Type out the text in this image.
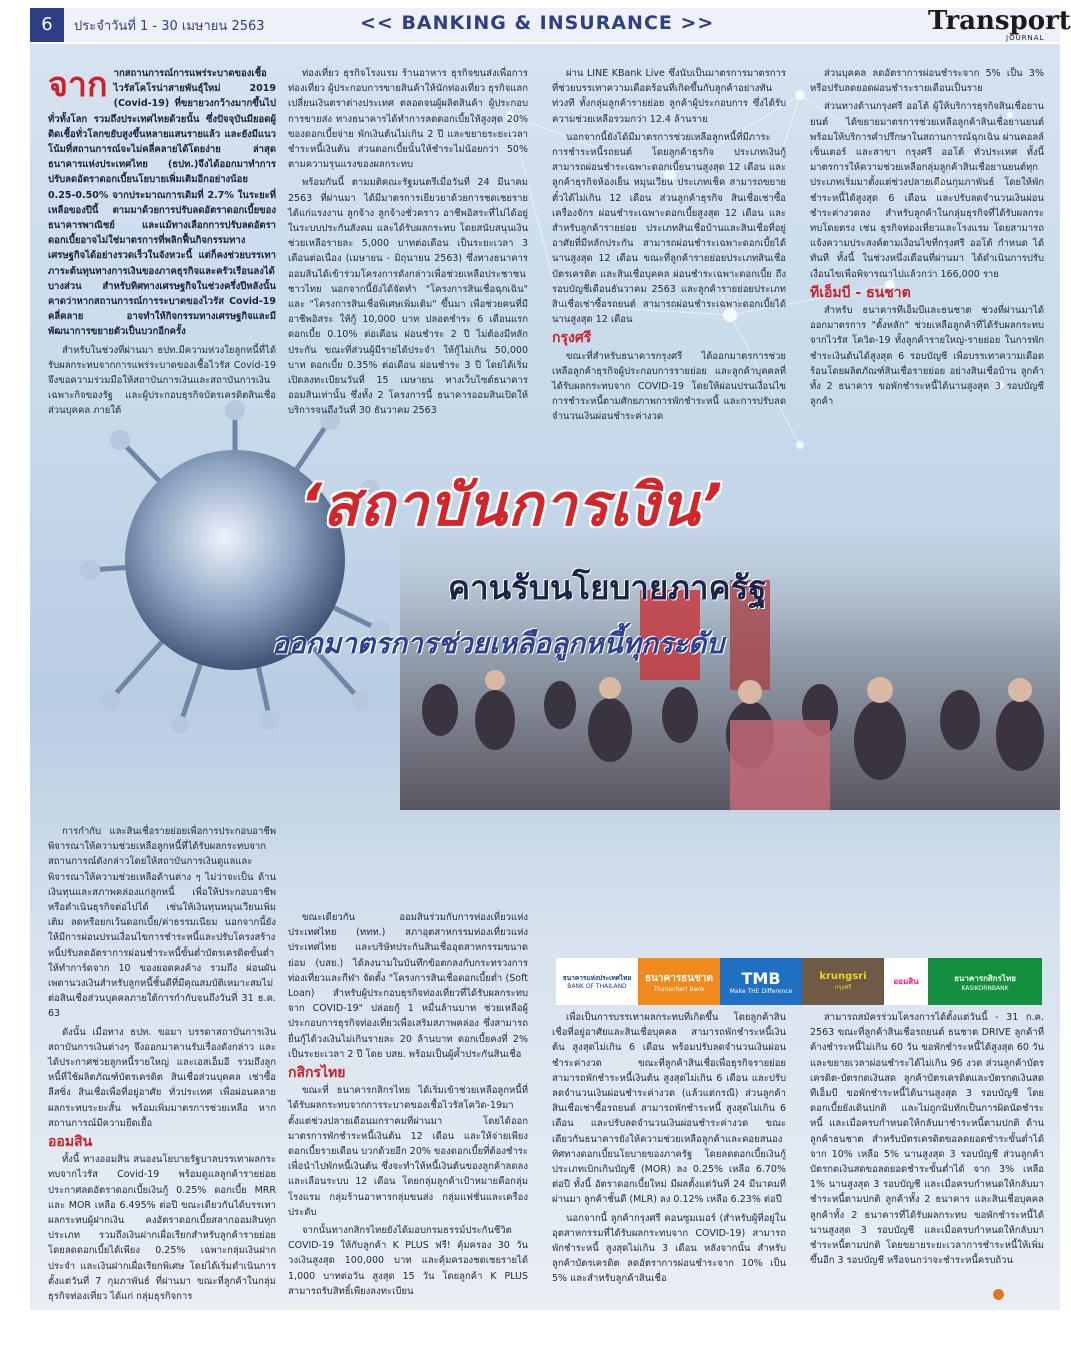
6	ประจำวันที่ 1 - 30 เมษายน 2563	<< BANKING & INSURANCE >>	Transport
JOURNAL
จาก ากสถานการณ์การแพร่ระบาดของเชื้อไวรัสโคโรน่าสายพันธุ์ใหม่ 2019 (Covid-19) ที่ขยายวงกว้างมากขึ้นไปทั่วทั้งโลก รวมถึงประเทศไทยด้วยนั้น ซึ่งปัจจุบันมียอดผู้ติดเชื้อทั่วโลกขยับสูงขึ้นหลายแสนรายแล้ว และยังมีแนวโน้มที่สถานการณ์จะไม่คลี่คลายได้โดยง่าย ล่าสุดธนาคารแห่งประเทศไทย (ธปท.)จึงได้ออกมาทำการปรับลดอัตราดอกเบี้ยนโยบายเพิ่มเติมอีกอย่างน้อย 0.25-0.50% จากประมาณการเดิมที่ 2.7% ในระยะที่เหลือของปีนี้ ตามมาด้วยการปรับลดอัตราดอกเบี้ยของธนาคารพาณิชย์ และแม้ทางเลือกการปรับลดอัตราดอกเบี้ยอาจไม่ใช่มาตรการที่พลิกฟื้นกิจกรรมทางเศรษฐกิจได้อย่างรวดเร็วในจังหวะนี้ แต่ก็คงช่วยบรรเทาภาระต้นทุนทางการเงินของภาคธุรกิจและครัวเรือนลงได้บางส่วน สำหรับทิศทางเศรษฐกิจในช่วงครึ่งปีหลังนั้น คาดว่าหากสถานการณ์การระบาดของไวรัส Covid-19 คลี่คลาย อาจทำให้กิจกรรมทางเศรษฐกิจและมีพัฒนาการขยายตัวเป็นบวกอีกครั้ง

สำหรับในช่วงที่ผ่านมา ธปท.มีความห่วงใยลูกหนี้ที่ได้รับผลกระทบจากการแพร่ระบาดของเชื้อไวรัส Covid-19 จึงขอความร่วมมือให้สถาบันการเงินและสถาบันการเงินเฉพาะกิจของรัฐ และผู้ประกอบธุรกิจบัตรเครดิตสินเชื่อส่วนบุคคล ภายใต้

ท่องเที่ยว ธุรกิจโรงแรม ร้านอาหาร ธุรกิจขนส่งเพื่อการท่องเที่ยว ผู้ประกอบการขายสินค้าให้นักท่องเที่ยว ธุรกิจแลกเปลี่ยนเงินตราต่างประเทศ ตลอดจนผู้ผลิตสินค้า ผู้ประกอบการขายส่ง ทางธนาคารได้ทำการลดดอกเบี้ยให้สูงสุด 20% ของดอกเบี้ยจ่าย พักเงินต้นไม่เกิน 2 ปี และขยายระยะเวลาชำระหนี้เงินต้น ส่วนดอกเบี้ยนั้นให้ชำระไม่น้อยกว่า 50% ตามความรุนแรงของผลกระทบ

พร้อมกันนี้ ตามมติคณะรัฐมนตรีเมื่อวันที่ 24 มีนาคม 2563 ที่ผ่านมา ได้มีมาตรการเยียวยาด้วยการชดเชยรายได้แก่แรงงาน ลูกจ้าง ลูกจ้างชั่วคราว อาชีพอิสระที่ไม่ได้อยู่ในระบบประกันสังคม และได้รับผลกระทบ โดยสนับสนุนเงินช่วยเหลือรายละ 5,000 บาทต่อเดือน เป็นระยะเวลา 3 เดือนต่อเนื่อง (เมษายน - มิถุนายน 2563) ซึ่งทางธนาคารออมสินได้เข้าร่วมโครงการดังกล่าวเพื่อช่วยเหลือประชาชนชาวไทย นอกจากนี้ยังได้จัดทำ "โครงการสินเชื่อฉุกเฉิน" และ "โครงการสินเชื่อพิเศษเพิ่มเติม" ขึ้นมา เพื่อช่วยคนที่มีอาชีพอิสระ ให้กู้ 10,000 บาท ปลอดชำระ 6 เดือนแรก ดอกเบี้ย 0.10% ต่อเดือน ผ่อนชำระ 2 ปี ไม่ต้องมีหลักประกัน ขณะที่ส่วนผู้มีรายได้ประจำ ให้กู้ไม่เกิน 50,000 บาท ดอกเบี้ย 0.35% ต่อเดือน ผ่อนชำระ 3 ปี โดยได้เริ่มเปิดลงทะเบียนวันที่ 15 เมษายน ทางเว็บไซต์ธนาคารออมสินเท่านั้น ซึ่งทั้ง 2 โครงการนี้ ธนาคารออมสินเปิดให้บริการจนถึงวันที่ 30 ธันวาคม 2563

ผ่าน LINE KBank Live ซึ่งนับเป็นมาตรการมาตรการที่ช่วยบรรเทาความเดือดร้อนที่เกิดขึ้นกับลูกค้าอย่างทันท่วงที ทั้งกลุ่มลูกค้ารายย่อย ลูกค้าผู้ประกอบการ ซึ่งได้รับความช่วยเหลือรวมกว่า 12.4 ล้านราย

นอกจากนี้ยังได้มีมาตรการช่วยเหลือลูกหนี้ที่มีภาระการชำระหนี้รถยนต์ โดยลูกค้าธุรกิจ ประเภทเงินกู้ สามารถผ่อนชำระเฉพาะดอกเบี้ยนานสูงสุด 12 เดือน และลูกค้าธุรกิจห้องเย็น หมุนเวียน ประเภทเช็ค สามารถขยายตั๋วได้ไม่เกิน 12 เดือน ส่วนลูกค้าธุรกิจ สินเชื่อเช่าซื้อเครื่องจักร ผ่อนชำระเฉพาะดอกเบี้ยสูงสุด 12 เดือน และสำหรับลูกค้ารายย่อย ประเภทสินเชื่อบ้านและสินเชื่อที่อยู่อาศัยที่มีหลักประกัน สามารถผ่อนชำระเฉพาะดอกเบี้ยได้นานสูงสุด 12 เดือน ขณะที่ลูกค้ารายย่อยประเภทสินเชื่อบัตรเครดิต และสินเชื่อบุคคล ผ่อนชำระเฉพาะดอกเบี้ย ถึงรอบบัญชีเดือนธันวาคม 2563 และลูกค้ารายย่อยประเภทสินเชื่อเช่าซื้อรถยนต์ สามารถผ่อนชำระเฉพาะดอกเบี้ยได้นานสูงสุด 12 เดือน

กรุงศรี

ขณะที่สำหรับธนาคารกรุงศรี ได้ออกมาตรการช่วยเหลือลูกค้าธุรกิจผู้ประกอบการรายย่อย และลูกค้าบุคคลที่ได้รับผลกระทบจาก COVID-19 โดยให้ผ่อนปรนเงื่อนไขการชำระหนี้ตามศักยภาพการพักชำระหนี้ และการปรับลดจำนวนเงินผ่อนชำระค่างวด

ส่วนบุคคล ลดอัตราการผ่อนชำระจาก 5% เป็น 3% หรือปรับลดยอดผ่อนชำระรายเดือนเป็นราย

ส่วนทางด้านกรุงศรี ออโต้ ผู้ให้บริการธุรกิจสินเชื่อยานยนต์ ได้ขยายมาตรการช่วยเหลือลูกค้าสินเชื่อยานยนต์ พร้อมให้บริการคำปรึกษาในสถานการณ์ฉุกเฉิน ผ่านคอลล์เซ็นเตอร์ และสาขา กรุงศรี ออโต้ ทั่วประเทศ ทั้งนี้มาตรการให้ความช่วยเหลือกลุ่มลูกค้าสินเชื่อยานยนต์ทุกประเภทเริ่มมาตั้งแต่ช่วงปลายเดือนกุมภาพันธ์ โดยให้พักชำระหนี้ได้สูงสุด 6 เดือน และปรับลดจำนวนเงินผ่อนชำระค่างวดลง สำหรับลูกค้าในกลุ่มธุรกิจที่ได้รับผลกระทบโดยตรง เช่น ธุรกิจท่องเที่ยวและโรงแรม โดยสามารถแจ้งความประสงค์ตามเงื่อนไขที่กรุงศรี ออโต้ กำหนด ได้ทันที ทั้งนี้ ในช่วงหนึ่งเดือนที่ผ่านมา ได้ดำเนินการปรับเงื่อนไขเพื่อพิจารณาไปแล้วกว่า 166,000 ราย

ทีเอ็มบี - ธนชาต

สำหรับ ธนาคารทีเอ็มบีและธนชาต ช่วงที่ผ่านมาได้ออกมาตรการ "ตั้งหลัก" ช่วยเหลือลูกค้าที่ได้รับผลกระทบจากไวรัส โควิด-19 ทั้งลูกค้ารายใหญ่-รายย่อย ในการพักชำระเงินต้นได้สูงสุด 6 รอบบัญชี เพื่อบรรเทาความเดือดร้อนโดยผลิตภัณฑ์สินเชื่อรายย่อย อย่างสินเชื่อบ้าน ลูกค้าทั้ง 2 ธนาคาร ขอพักชำระหนี้ได้นานสูงสุด 3 รอบบัญชี ลูกค้า

‘สถาบันการเงิน’
คานรับนโยบายภาครัฐ
ออกมาตรการช่วยเหลือลูกหนี้ทุกระดับ

การกำกับ และสินเชื่อรายย่อยเพื่อการประกอบอาชีพพิจารณาให้ความช่วยเหลือลูกหนี้ที่ได้รับผลกระทบจากสถานการณ์ดังกล่าวโดยให้สถาบันการเงินดูแลและพิจารณาให้ความช่วยเหลือด้านต่าง ๆ ไม่ว่าจะเป็น ด้านเงินทุนและสภาพคล่องแก่ลูกหนี้ เพื่อให้ประกอบอาชีพหรือดำเนินธุรกิจต่อไปได้ เช่นให้เงินทุนหมุนเวียนเพิ่มเติม ลดหรือยกเว้นดอกเบี้ย/ค่าธรรมเนียม นอกจากนี้ยังให้มีการผ่อนปรนเงื่อนไขการชำระหนี้และปรับโครงสร้างหนี้ปรับลดอัตราการผ่อนชำระหนี้ขั้นต่ำบัตรเครดิตขั้นต่ำให้ทำการ์ดจาก 10 ของยอดคงค้าง รวมถึง ผ่อนผันเพดานวงเงินสำหรับลูกหนี้ชั้นดีที่มีคุณสมบัติเหมาะสมไม่ต่อสินเชื่อส่วนบุคคลภายใต้การกำกับจนถึงวันที่ 31 ธ.ค. 63

ดังนั้น เมื่อทาง ธปท. ขอมา บรรดาสถาบันการเงินสถาบันการเงินต่างๆ จึงออกมาคานรับเรื่องดังกล่าว และได้ประกาศช่วยลูกหนี้รายใหญ่ และเอสเอ็มอี รวมถึงลูกหนี้ที่ใช้ผลิตภัณฑ์บัตรเครดิต สินเชื่อส่วนบุคคล เช่าซื้อ ลีสซิ่ง สินเชื่อเพื่อที่อยู่อาศัย ทั่วประเทศ เพื่อผ่อนคลายผลกระทบระยะสั้น พร้อมเพิ่มมาตรการช่วยเหลือ หากสถานการณ์มีความยืดเยื้อ

ออมสิน

ทั้งนี้ ทางออมสิน สนองนโยบายรัฐบาลบรรเทาผลกระทบจากไวรัส Covid-19 พร้อมดูแลลูกค้ารายย่อย ประกาศลดอัตราดอกเบี้ยเงินกู้ 0.25% ดอกเบี้ย MRR และ MOR เหลือ 6.495% ต่อปี ขณะเดียวกันได้บรรเทาผลกระทบผู้ฝากเงิน คงอัตราดอกเบี้ยสลากออมสินทุกประเภท รวมถึงเงินฝากเผื่อเรียกสำหรับลูกค้ารายย่อย โดยลดดอกเบี้ยได้เพียง 0.25% เฉพาะกลุ่มเงินฝากประจำ และเงินฝากเผื่อเรียกพิเศษ โดยได้เริ่มดำเนินการตั้งแต่วันที่ 7 กุมภาพันธ์ ที่ผ่านมา ขณะที่ลูกค้าในกลุ่มธุรกิจท่องเที่ยว ได้แก่ กลุ่มธุรกิจการ

ขณะเดียวกัน ออมสินร่วมกับการท่องเที่ยวแห่งประเทศไทย (ททท.) สภาอุตสาหกรรมท่องเที่ยวแห่งประเทศไทย และบริษัทประกันสินเชื่ออุตสาหกรรมขนาดย่อม (บสย.) ได้ลงนามในบันทึกข้อตกลงกับกระทรวงการท่องเที่ยวและกีฬา จัดตั้ง "โครงการสินเชื่อดอกเบี้ยต่ำ (Soft Loan) สำหรับผู้ประกอบธุรกิจท่องเที่ยวที่ได้รับผลกระทบจาก COVID-19" ปล่อยกู้ 1 หมื่นล้านบาท ช่วยเหลือผู้ประกอบการธุรกิจท่องเที่ยวเพื่อเสริมสภาพคล่อง ซึ่งสามารถยื่นกู้ได้วงเงินไม่เกินรายละ 20 ล้านบาท ดอกเบี้ยคงที่ 2% เป็นระยะเวลา 2 ปี โดย บสย. พร้อมเป็นผู้ค้ำประกันสินเชื่อ

กสิกรไทย

ขณะที่ ธนาคารกสิกรไทย ได้เริ่มเข้าช่วยเหลือลูกหนี้ที่ได้รับผลกระทบจากการระบาดของเชื้อไวรัสโควิด-19มาตั้งแต่ช่วงปลายเดือนมกราคมที่ผ่านมา โดยได้ออกมาตรการพักชำระหนี้เงินต้น 12 เดือน และให้จ่ายเพียงดอกเบี้ยรายเดือน บวกด้วยอีก 20% ของดอกเบี้ยที่ต้องชำระ เพื่อนำไปพักหนี้เงินต้น ซึ่งจะทำให้หนี้เงินต้นของลูกค้าลดลง และเลือนระบบ 12 เดือน โดยกลุ่มลูกค้าเป้าหมายคือกลุ่มโรงแรม กลุ่มร้านอาหารกลุ่มขนส่ง กลุ่มแฟชั่นและเครื่องประดับ

จากนั้นทางกสิกรไทยยังได้มอบกรมธรรม์ประกันชีวิต COVID-19 ให้กับลูกค้า K PLUS ฟรี! คุ้มครอง 30 วัน วงเงินสูงสุด 100,000 บาท และคุ้มครองชดเชยรายได้ 1,000 บาทต่อวัน สูงสุด 15 วัน โดยลูกค้า K PLUS สามารถรับสิทธิ์เพียงลงทะเบียน

ธนาคารแห่งประเทศไทย
BANK OF THAILAND
ธนาคารธนชาต
Thanachart Bank
TMB
Make THE Difference
krungsri
กรุงศรี
ออมสิน	ธนาคารกสิกรไทย
KASIKORNBANK

เพื่อเป็นการบรรเทาผลกระทบที่เกิดขึ้น โดยลูกค้าสินเชื่อที่อยู่อาศัยและสินเชื่อบุคคล สามารถพักชำระหนี้เงินต้น สูงสุดไม่เกิน 6 เดือน พร้อมปรับลดจำนวนเงินผ่อนชำระค่างวด ขณะที่ลูกค้าสินเชื่อเพื่อธุรกิจรายย่อย สามารถพักชำระหนี้เงินต้น สูงสุดไม่เกิน 6 เดือน และปรับลดจำนวนเงินผ่อนชำระค่างวด (แล้วแต่กรณี) ส่วนลูกค้าสินเชื่อเช่าซื้อรถยนต์ สามารถพักชำระหนี้ สูงสุดไม่เกิน 6 เดือน และปรับลดจำนวนเงินผ่อนชำระค่างวด ขณะเดียวกันธนาคารยังให้ความช่วยเหลือลูกค้าและคอยสนองทิศทางดอกเบี้ยนโยบายของภาครัฐ โดยลดดอกเบี้ยเงินกู้ประเภทเบิกเกินบัญชี (MOR) ลง 0.25% เหลือ 6.70% ต่อปี ทั้งนี้ อัตราดอกเบี้ยใหม่ มีผลตั้งแต่วันที่ 24 มีนาคมที่ผ่านมา ลูกค้าชั้นดี (MLR) ลง 0.12% เหลือ 6.23% ต่อปี

นอกจากนี้ ลูกค้ากรุงศรี คอนซูมเมอร์ (สำหรับผู้ที่อยู่ในอุตสาหกรรมที่ได้รับผลกระทบจาก COVID-19) สามารถพักชำระหนี้ สูงสุดไม่เกิน 3 เดือน หลังจากนั้น สำหรับลูกค้าบัตรเครดิต ลดอัตราการผ่อนชำระจาก 10% เป็น 5% และสำหรับลูกค้าสินเชื่อ

สามารถสมัครร่วมโครงการได้ตั้งแต่วันนี้ - 31 ก.ค. 2563 ขณะที่ลูกค้าสินเชื่อรถยนต์ ธนชาต DRIVE ลูกค้าที่ค้างชำระหนี้ไม่เกิน 60 วัน ขอพักชำระหนี้ได้สูงสุด 60 วัน และขยายเวลาผ่อนชำระได้ไม่เกิน 96 งวด ส่วนลูกค้าบัตรเครดิต-บัตรกดเงินสด ลูกค้าบัตรเครดิตและบัตรกดเงินสดทีเอ็มบี ขอพักชำระหนี้ได้นานสูงสุด 3 รอบบัญชี โดยดอกเบี้ยยังเดินปกติ และไม่ถูกนับทักเป็นการผิดนัดชำระหนี้ และเมื่อครบกำหนดให้กลับมาชำระหนี้ตามปกติ ด้านลูกค้าธนชาต สำหรับบัตรเครดิตขอลดยอดชำระขั้นต่ำได้ จาก 10% เหลือ 5% นานสูงสุด 3 รอบบัญชี ส่วนลูกค้าบัตรกดเงินสดขอลดยอดชำระขั้นต่ำได้ จาก 3% เหลือ 1% นานสูงสุด 3 รอบบัญชี และเมื่อครบกำหนดให้กลับมาชำระหนี้ตามปกติ ลูกค้าทั้ง 2 ธนาคาร และสินเชื่อบุคคล ลูกค้าทั้ง 2 ธนาคารที่ได้รับผลกระทบ ขอพักชำระหนี้ได้นานสูงสุด 3 รอบบัญชี และเมื่อครบกำหนดให้กลับมาชำระหนี้ตามปกติ โดยขยายระยะเวลาการชำระหนี้ให้เพิ่มขึ้นอีก 3 รอบบัญชี หรือจนกว่าจะชำระหนี้ครบถ้วน
